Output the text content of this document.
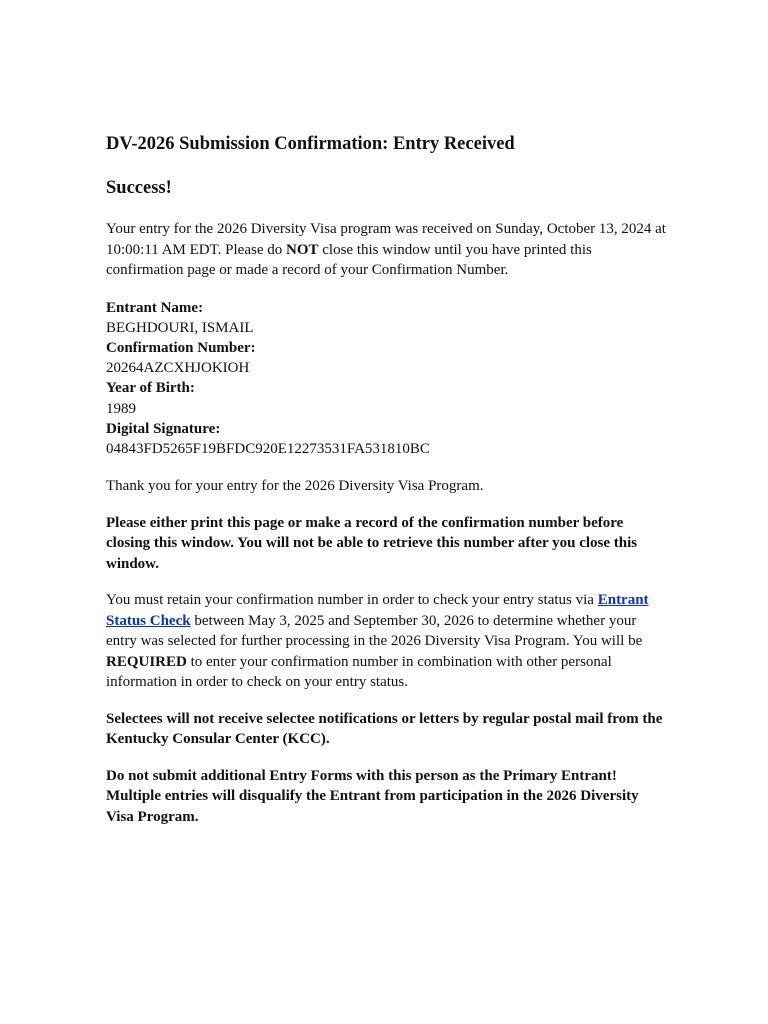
DV-2026 Submission Confirmation: Entry Received
Success!

Your entry for the 2026 Diversity Visa program was received on Sunday, October 13, 2024 at 10:00:11 AM EDT. Please do NOT close this window until you have printed this confirmation page or made a record of your Confirmation Number.

Entrant Name:
BEGHDOURI, ISMAIL
Confirmation Number:
20264AZCXHJOKIOH
Year of Birth:
1989
Digital Signature:
04843FD5265F19BFDC920E12273531FA531810BC

Thank you for your entry for the 2026 Diversity Visa Program.

Please either print this page or make a record of the confirmation number before closing this window. You will not be able to retrieve this number after you close this window.

You must retain your confirmation number in order to check your entry status via Entrant Status Check between May 3, 2025 and September 30, 2026 to determine whether your entry was selected for further processing in the 2026 Diversity Visa Program. You will be REQUIRED to enter your confirmation number in combination with other personal information in order to check on your entry status.

Selectees will not receive selectee notifications or letters by regular postal mail from the Kentucky Consular Center (KCC).

Do not submit additional Entry Forms with this person as the Primary Entrant! Multiple entries will disqualify the Entrant from participation in the 2026 Diversity Visa Program.
